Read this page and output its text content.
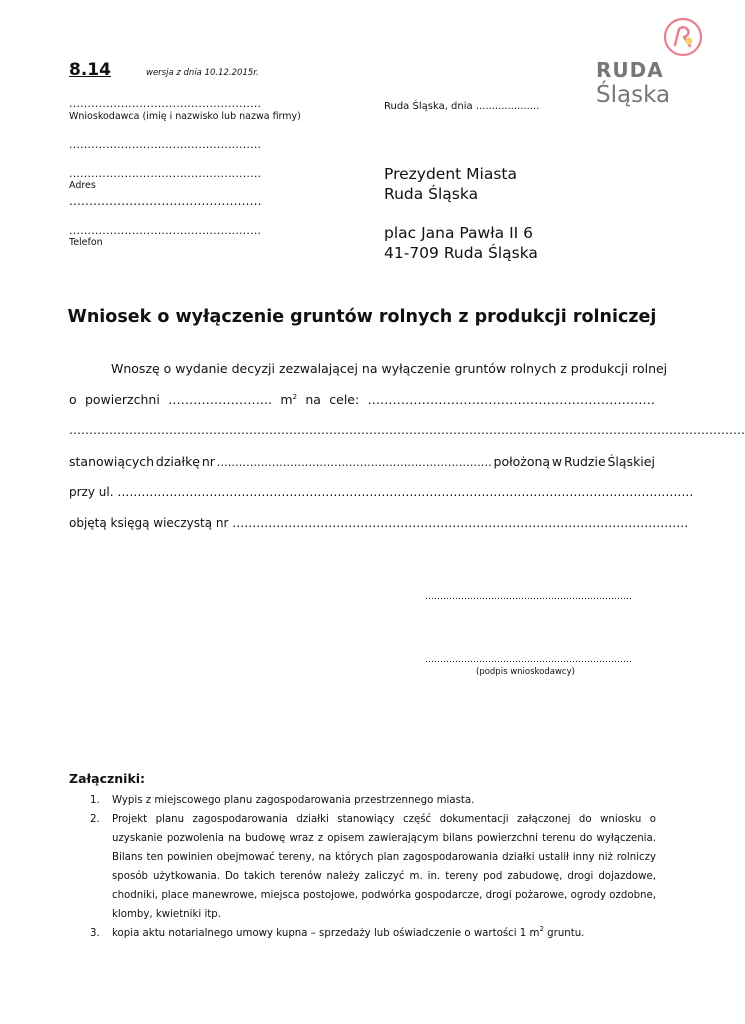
8.14	wersja z dnia 10.12.2015r.
....................................................
Wnioskodawca (imię i nazwisko lub nazwa firmy)
....................................................
....................................................
Adres
................................................
....................................................
Telefon
Ruda Śląska, dnia ....................
RUDA
Śląska
Prezydent Miasta
Ruda Śląska
plac Jana Pawła II 6
41-709 Ruda Śląska
Wniosek o wyłączenie gruntów rolnych z produkcji rolniczej
Wnoszę o wydanie decyzji zezwalającej na wyłączenie gruntów rolnych z produkcji rolnej
o powierzchni ……………………. $m^2$ na cele: ……………………………………………………………
…………………………………………………………………………………………………………………………………………………….
stanowiących działkę nr ………………………………………………………………… położoną w Rudzie Śląskiej
przy ul. ………………………………………………………………………………………………………………………………
objętą księgą wieczystą nr ……………………………………………………………………………………………………
……………………………………………………………
……………………………………………………………
(podpis wnioskodawcy)
Załączniki:
1. Wypis z miejscowego planu zagospodarowania przestrzennego miasta.
2. Projekt planu zagospodarowania działki stanowiący część dokumentacji załączonej do wniosku o uzyskanie pozwolenia na budowę wraz z opisem zawierającym bilans powierzchni terenu do wyłączenia. Bilans ten powinien obejmować tereny, na których plan zagospodarowania działki ustalił inny niż rolniczy sposób użytkowania. Do takich terenów należy zaliczyć m. in. tereny pod zabudowę, drogi dojazdowe, chodniki, place manewrowe, miejsca postojowe, podwórka gospodarcze, drogi pożarowe, ogrody ozdobne, klomby, kwietniki itp.
3. kopia aktu notarialnego umowy kupna – sprzedaży lub oświadczenie o wartości 1 $m^2$ gruntu.
